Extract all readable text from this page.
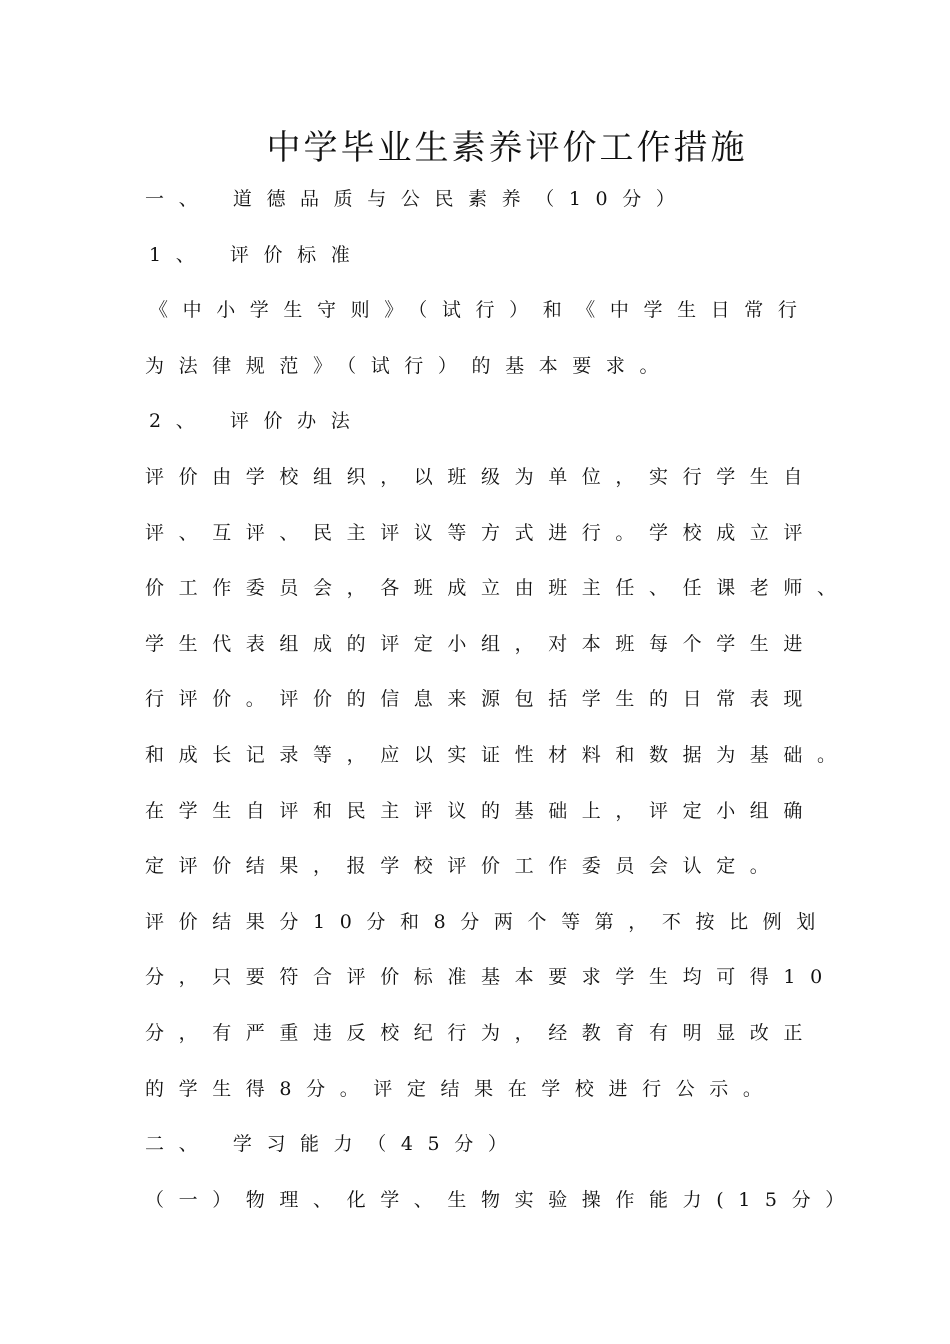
中学毕业生素养评价工作措施
一、 道德品质与公民素养（10分）
1、 评价标准
《中小学生守则》（试行）和《中学生日常行
为法律规范》（试行）的基本要求。
2、 评价办法
评价由学校组织，以班级为单位，实行学生自
评、互评、民主评议等方式进行。学校成立评
价工作委员会，各班成立由班主任、任课老师、
学生代表组成的评定小组，对本班每个学生进
行评价。评价的信息来源包括学生的日常表现
和成长记录等，应以实证性材料和数据为基础。
在学生自评和民主评议的基础上，评定小组确
定评价结果，报学校评价工作委员会认定。
评价结果分10分和8分两个等第，不按比例划
分，只要符合评价标准基本要求学生均可得10
分，有严重违反校纪行为，经教育有明显改正
的学生得8分。评定结果在学校进行公示。
二、 学习能力（45分）
（一）物理、化学、生物实验操作能力(15分）
